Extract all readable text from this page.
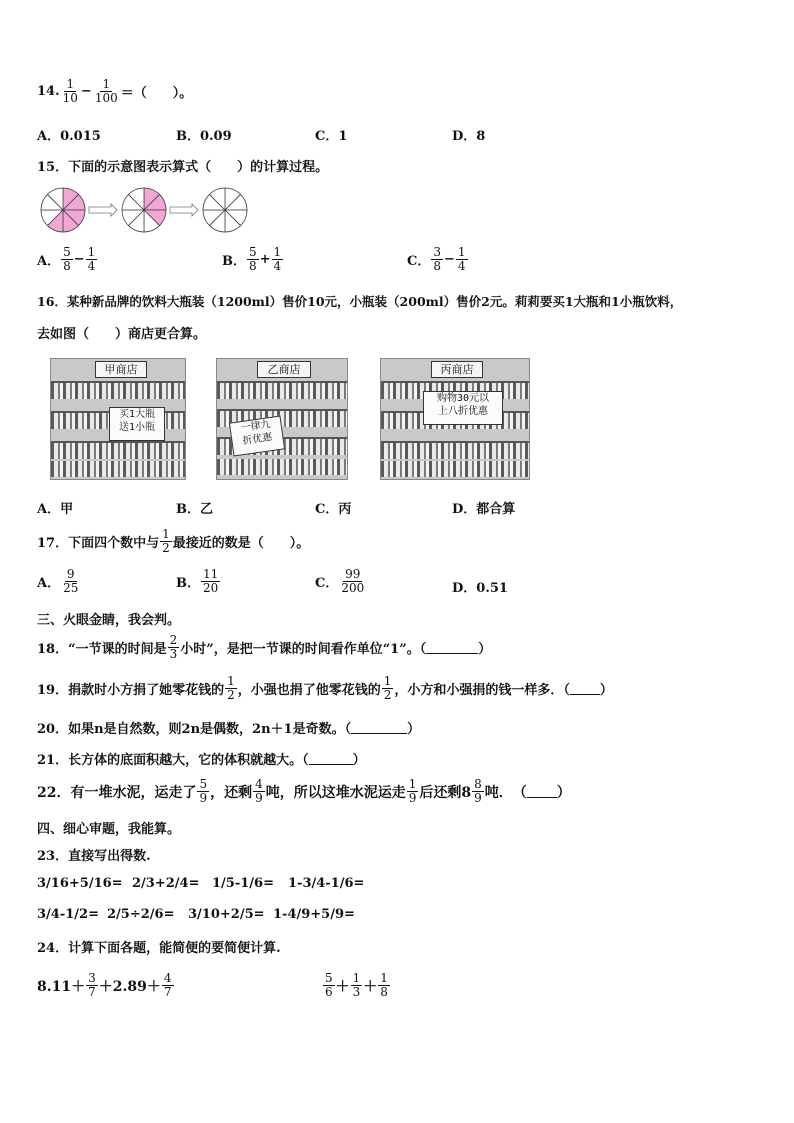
14. $\frac{1}{10} - \frac{1}{100}$ ＝（　　）。
A．0.015	B．0.09	C．1	D．8
15．下面的示意图表示算式（　　）的计算过程。
A． $\frac{5}{8} - \frac{1}{4}$	B． $\frac{5}{8} + \frac{1}{4}$	C． $\frac{3}{8} - \frac{1}{4}$
16．某种新品牌的饮料大瓶装（1200ml）售价10元，小瓶装（200ml）售价2元。莉莉要买1大瓶和1小瓶饮料，
去如图（　　）商店更合算。
甲商店
买1大瓶
送1小瓶
乙商店
一律九
折优惠
丙商店
购物30元以
上八折优惠
A．甲	B．乙	C．丙	D．都合算
17．下面四个数中与 $\frac{1}{2}$ 最接近的数是（　　）。
A． $\frac{9}{25}$	B． $\frac{11}{20}$	C． $\frac{99}{200}$	D．0.51
三、火眼金睛，我会判。
18．“一节课的时间是 $\frac{2}{3}$ 小时”，是把一节课的时间看作单位“1”。（	）
19．捐款时小方捐了她零花钱的 $\frac{1}{2}$ ，小强也捐了他零花钱的 $\frac{1}{2}$ ，小方和小强捐的钱一样多．（ ）
20．如果n是自然数，则2n是偶数，2n＋1是奇数。（	）
21．长方体的底面积越大，它的体积就越大。（	）
22．有一堆水泥，运走了 $\frac{5}{9}$ ，还剩 $\frac{4}{9}$ 吨，所以这堆水泥运走 $\frac{1}{9}$ 后还剩$8 \frac{8}{9}$ 吨．　（ ）
四、细心审题，我能算。
23．直接写出得数.
3/16+5/16= 2/3+2/4= 1/5-1/6= 1-3/4-1/6=
3/4-1/2= 2/5÷2/6= 3/10+2/5= 1-4/9+5/9=
24．计算下面各题，能简便的要简便计算.
$8.11+ \frac{3}{7} +2.89+ \frac{4}{7}$	$\frac{5}{6} + \frac{1}{3} + \frac{1}{8}$
